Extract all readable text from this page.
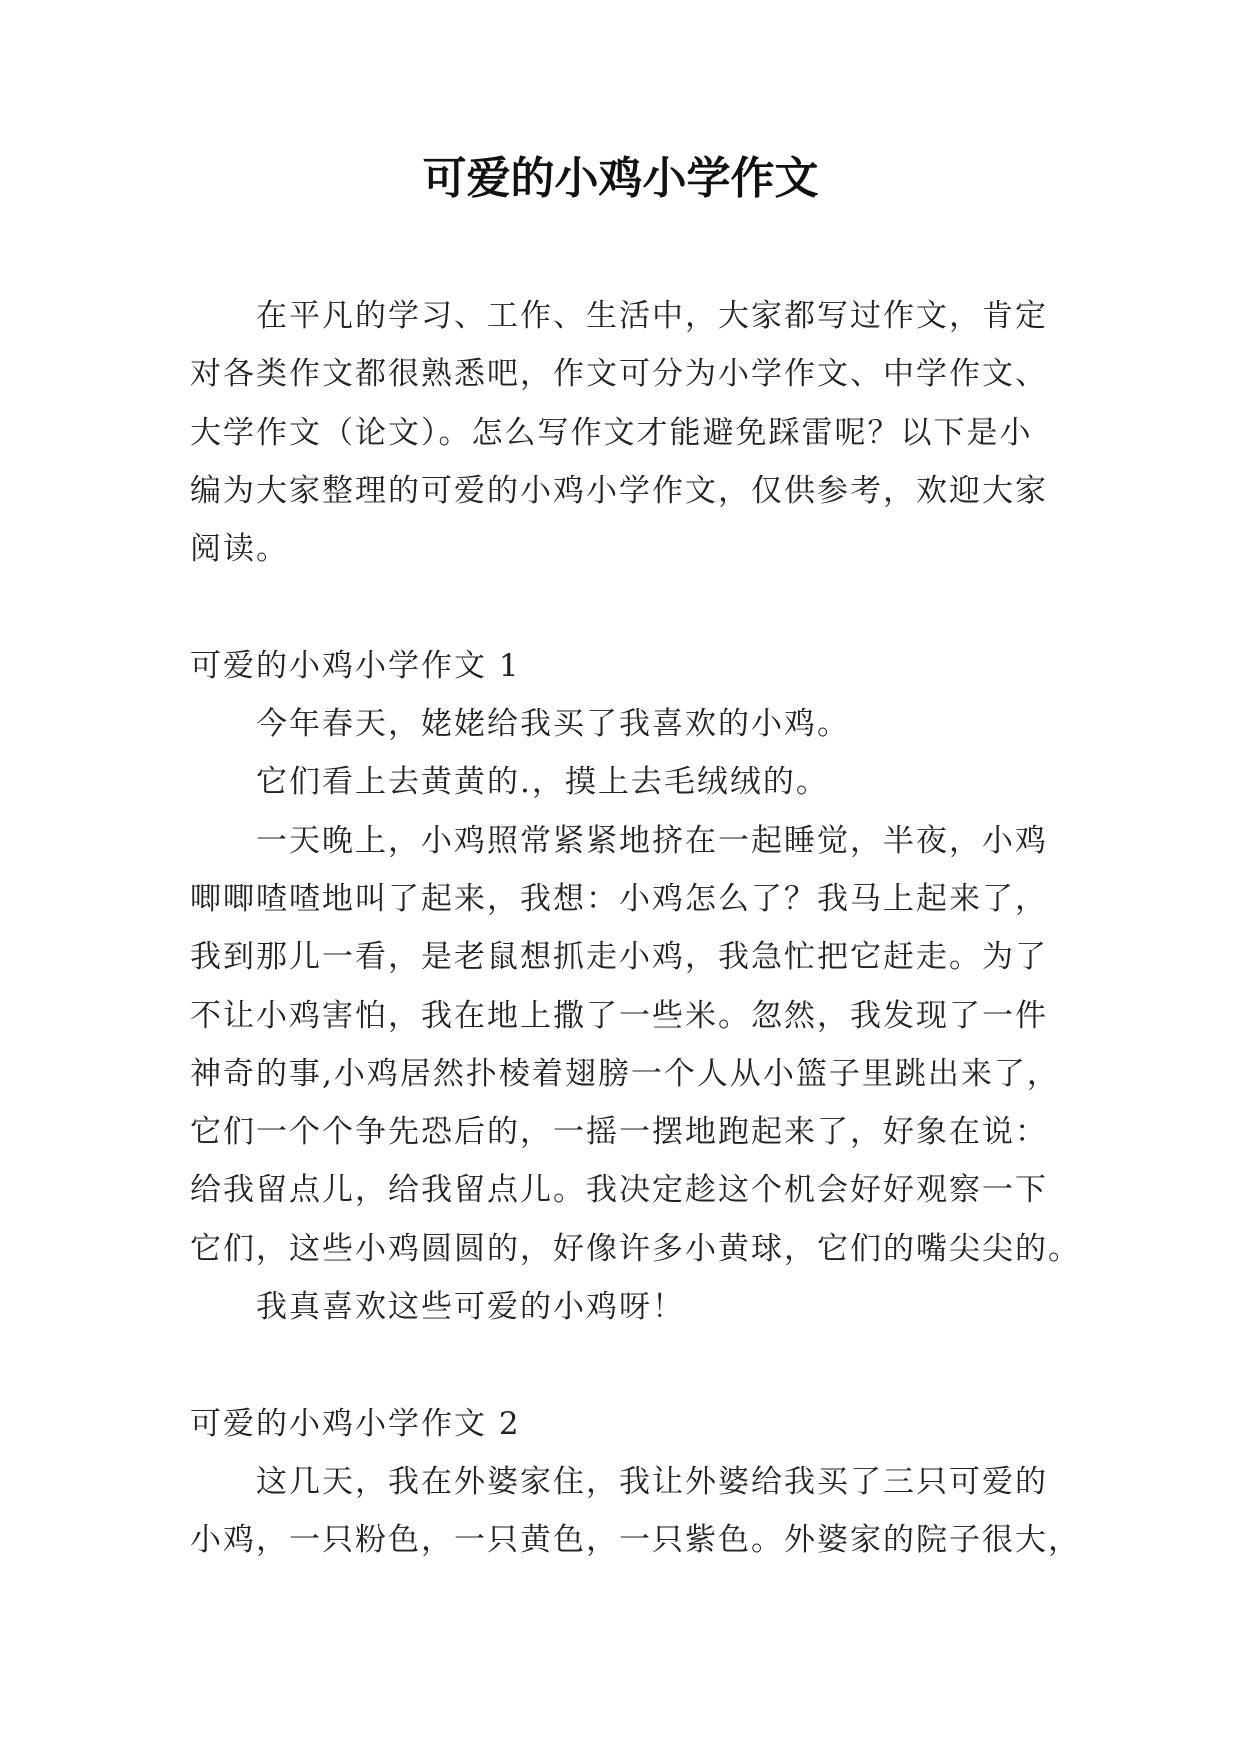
可爱的小鸡小学作文
在平凡的学习、工作、生活中，大家都写过作文，肯定
对各类作文都很熟悉吧，作文可分为小学作文、中学作文、
大学作文（论文）。怎么写作文才能避免踩雷呢？以下是小
编为大家整理的可爱的小鸡小学作文，仅供参考，欢迎大家
阅读。
可爱的小鸡小学作文 1
今年春天，姥姥给我买了我喜欢的小鸡。
它们看上去黄黄的.，摸上去毛绒绒的。
一天晚上，小鸡照常紧紧地挤在一起睡觉，半夜，小鸡
唧唧喳喳地叫了起来，我想：小鸡怎么了？我马上起来了，
我到那儿一看，是老鼠想抓走小鸡，我急忙把它赶走。为了
不让小鸡害怕，我在地上撒了一些米。忽然，我发现了一件
神奇的事,小鸡居然扑棱着翅膀一个人从小篮子里跳出来了，
它们一个个争先恐后的，一摇一摆地跑起来了，好象在说：
给我留点儿，给我留点儿。我决定趁这个机会好好观察一下
它们，这些小鸡圆圆的，好像许多小黄球，它们的嘴尖尖的。
我真喜欢这些可爱的小鸡呀！
可爱的小鸡小学作文 2
这几天，我在外婆家住，我让外婆给我买了三只可爱的
小鸡，一只粉色，一只黄色，一只紫色。外婆家的院子很大，
